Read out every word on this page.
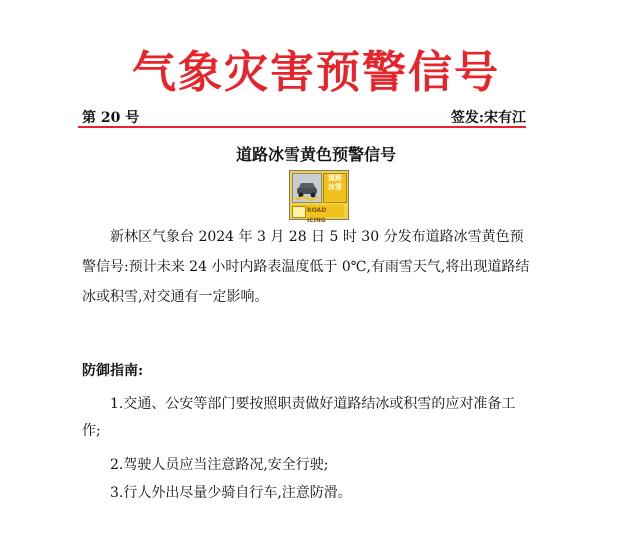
气象灾害预警信号
第 20 号	签发:宋有江
道路冰雪黄色预警信号
道路
冰雪
ROAD ICING
新林区气象台 2024 年 3 月 28 日 5 时 30 分发布道路冰雪黄色预警信号:预计未来 24 小时内路表温度低于 0℃,有雨雪天气,将出现道路结冰或积雪,对交通有一定影响。
防御指南:
1.交通、公安等部门要按照职责做好道路结冰或积雪的应对准备工作;
2.驾驶人员应当注意路况,安全行驶;
3.行人外出尽量少骑自行车,注意防滑。
